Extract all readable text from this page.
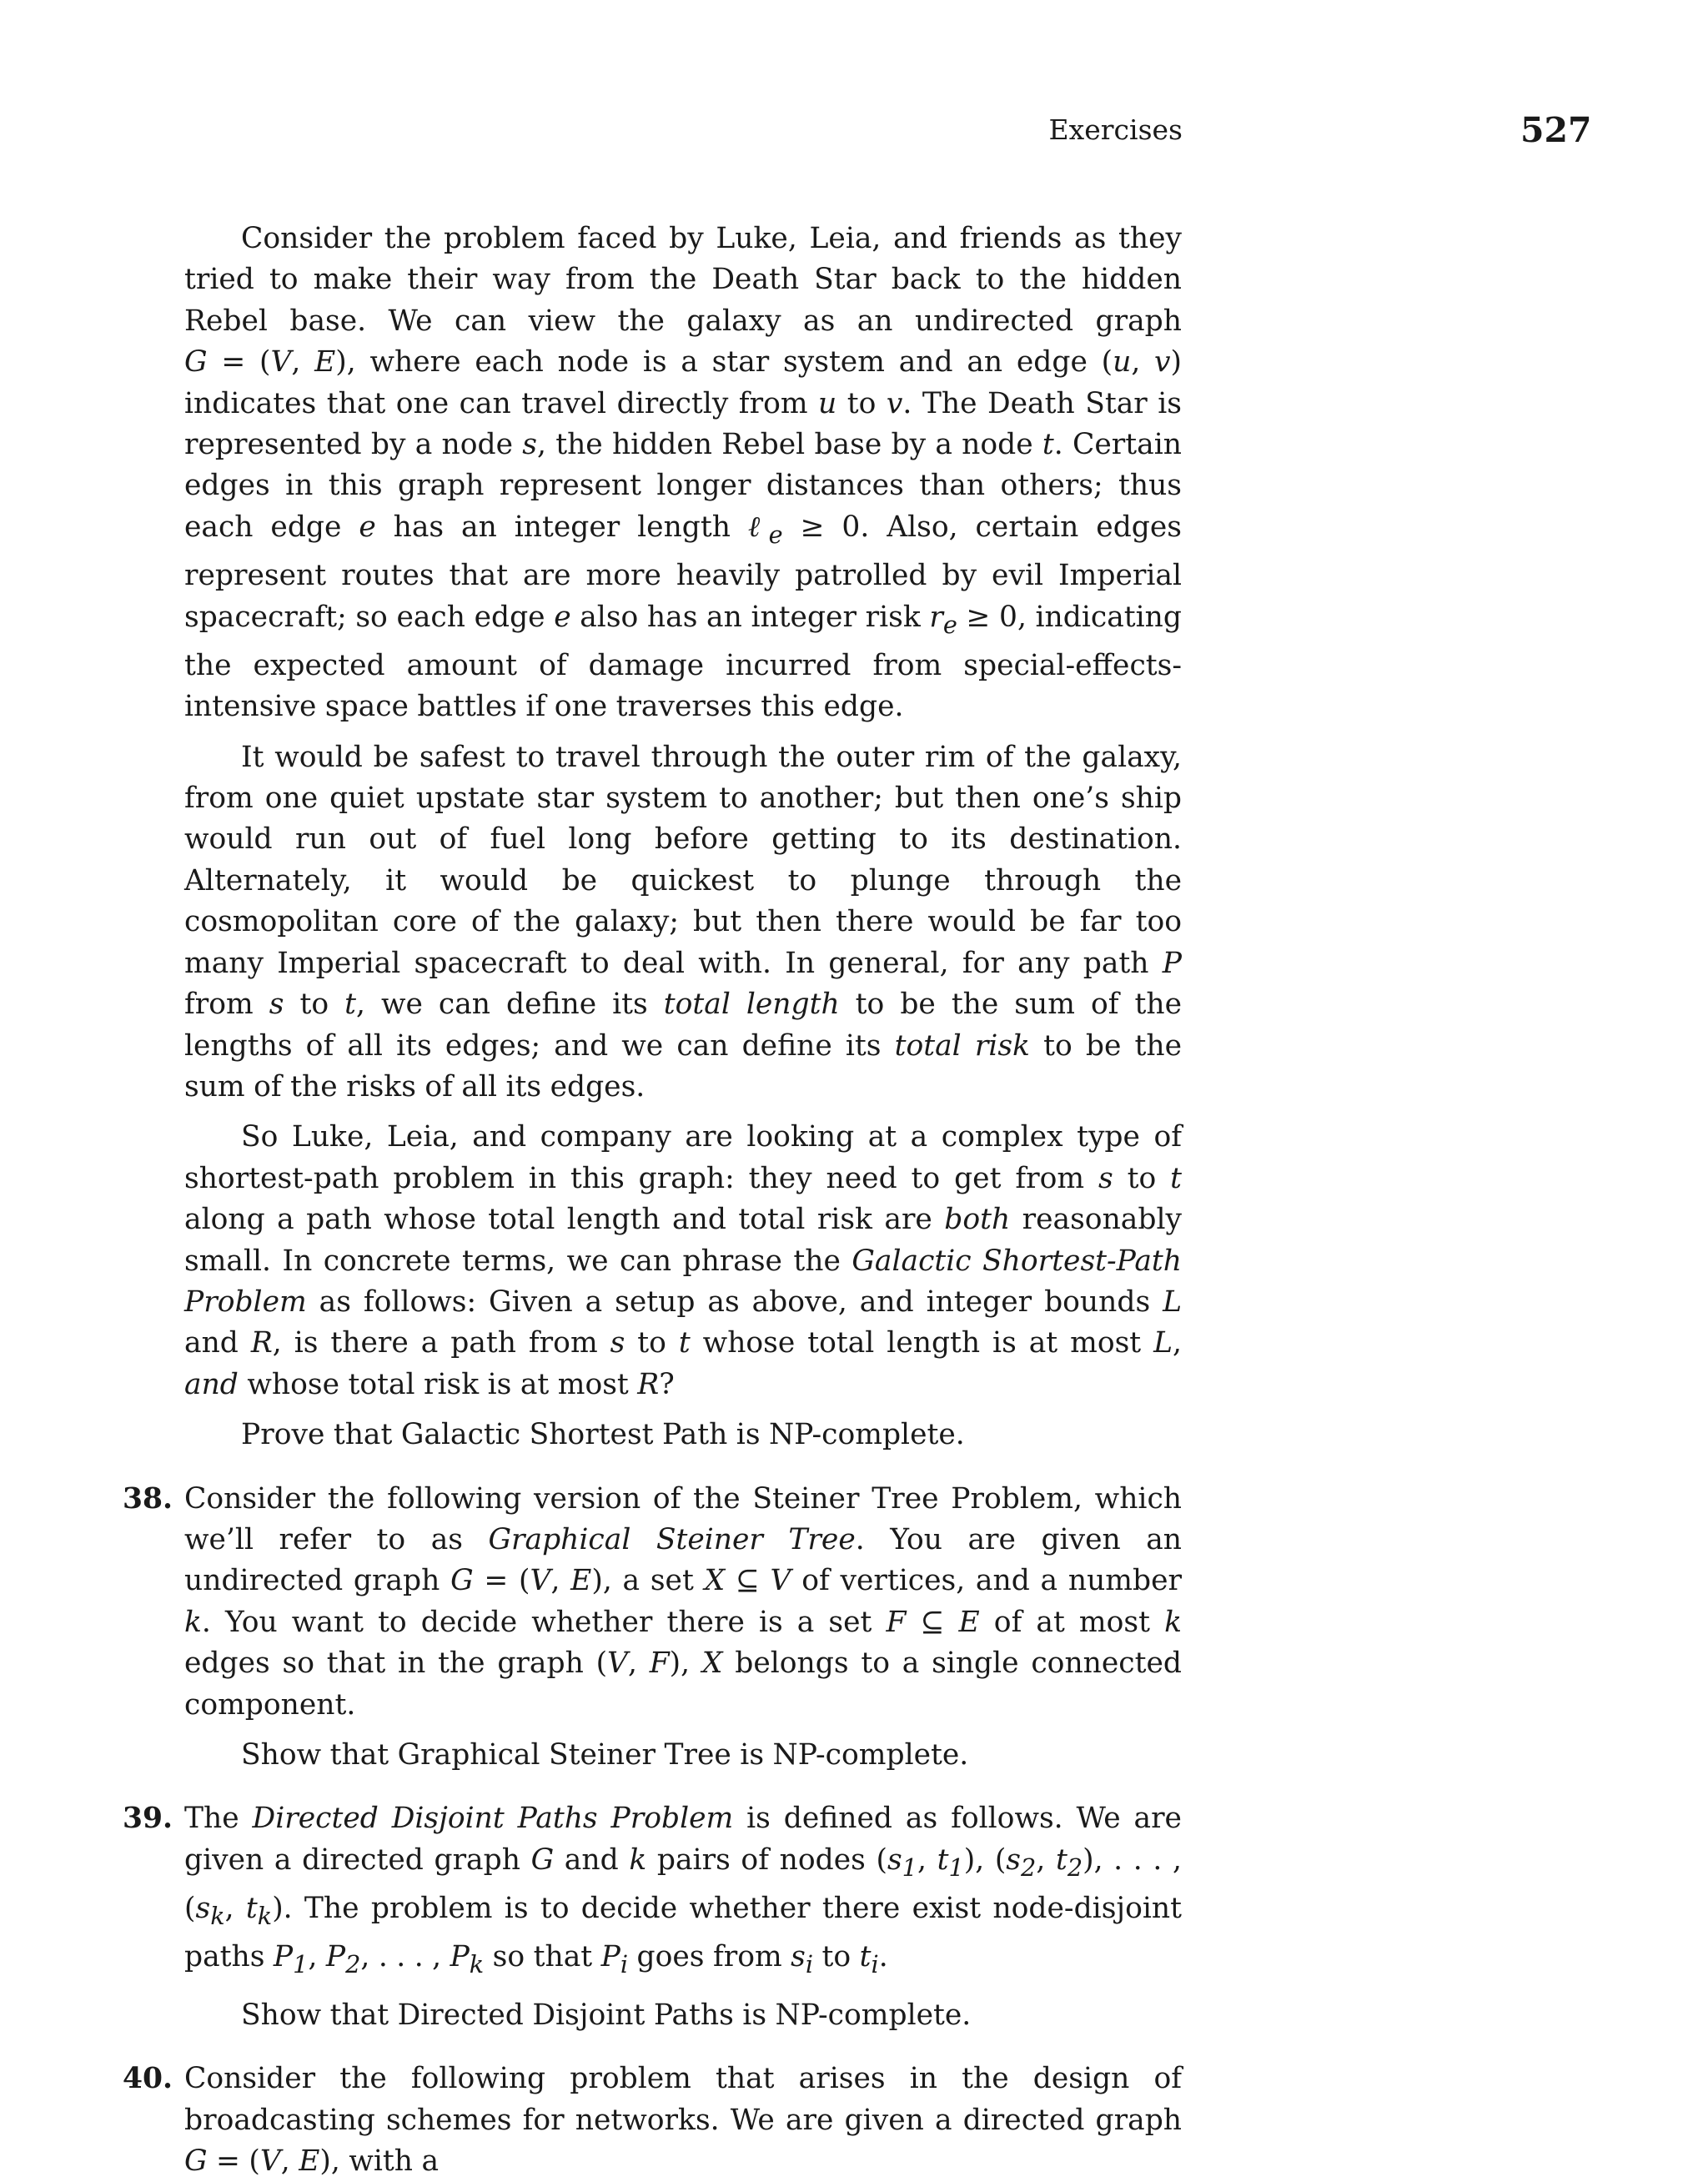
Exercises	527

Consider the problem faced by Luke, Leia, and friends as they tried to make their way from the Death Star back to the hidden Rebel base. We can view the galaxy as an undirected graph G = (V, E), where each node is a star system and an edge (u, v) indicates that one can travel directly from u to v. The Death Star is represented by a node s, the hidden Rebel base by a node t. Certain edges in this graph represent longer distances than others; thus each edge e has an integer length ℓ$_e$ ≥ 0. Also, certain edges represent routes that are more heavily patrolled by evil Imperial spacecraft; so each edge e also has an integer risk $r_e \ge 0$, indicating the expected amount of damage incurred from special-effects-intensive space battles if one traverses this edge.

It would be safest to travel through the outer rim of the galaxy, from one quiet upstate star system to another; but then one’s ship would run out of fuel long before getting to its destination. Alternately, it would be quickest to plunge through the cosmopolitan core of the galaxy; but then there would be far too many Imperial spacecraft to deal with. In general, for any path P from s to t, we can define its total length to be the sum of the lengths of all its edges; and we can define its total risk to be the sum of the risks of all its edges.

So Luke, Leia, and company are looking at a complex type of shortest-path problem in this graph: they need to get from s to t along a path whose total length and total risk are both reasonably small. In concrete terms, we can phrase the Galactic Shortest-Path Problem as follows: Given a setup as above, and integer bounds L and R, is there a path from s to t whose total length is at most L, and whose total risk is at most R?

Prove that Galactic Shortest Path is NP-complete.

38. Consider the following version of the Steiner Tree Problem, which we’ll refer to as Graphical Steiner Tree. You are given an undirected graph G = (V, E), a set X ⊆ V of vertices, and a number k. You want to decide whether there is a set F ⊆ E of at most k edges so that in the graph (V, F), X belongs to a single connected component.

Show that Graphical Steiner Tree is NP-complete.

39. The Directed Disjoint Paths Problem is defined as follows. We are given a directed graph G and k pairs of nodes ($s_1$, $t_1$), ($s_2$, $t_2$), . . . , ($s_k$, $t_k$). The problem is to decide whether there exist node-disjoint paths $P_1$, $P_2$, . . . , $P_k$ so that $P_i$ goes from $s_i$ to $t_i$.

Show that Directed Disjoint Paths is NP-complete.

40. Consider the following problem that arises in the design of broadcasting schemes for networks. We are given a directed graph G = (V, E), with a
